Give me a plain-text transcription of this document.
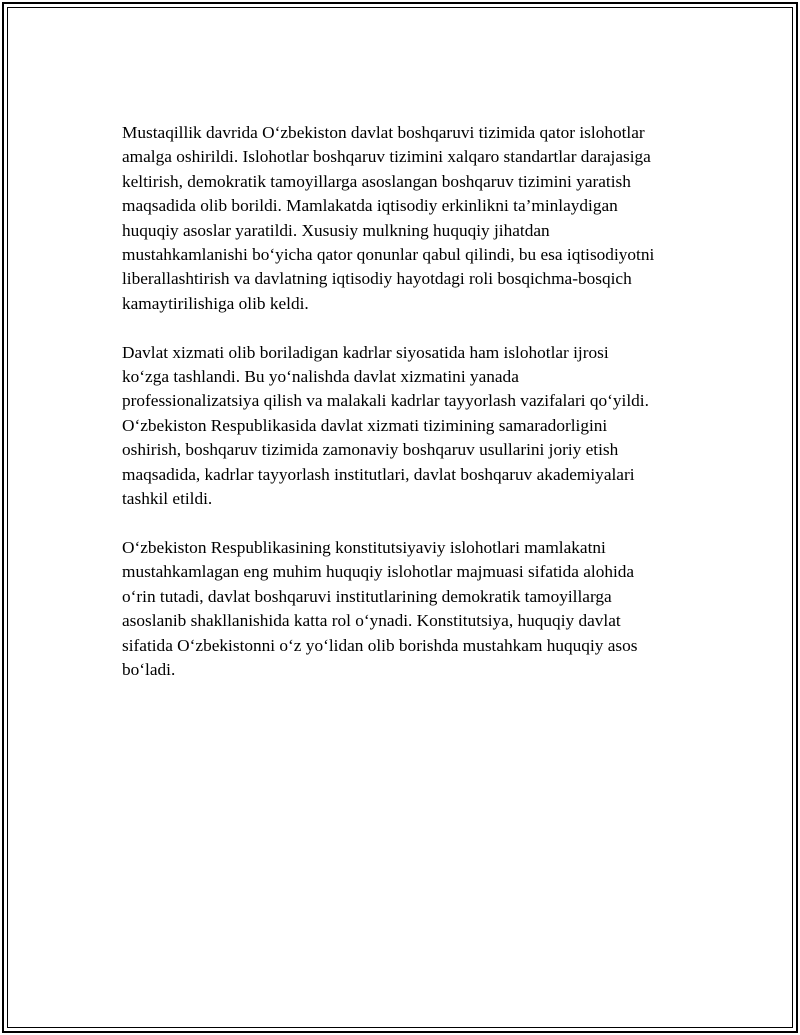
Mustaqillik davrida O‘zbekiston davlat boshqaruvi tizimida qator islohotlar
amalga oshirildi. Islohotlar boshqaruv tizimini xalqaro standartlar darajasiga
keltirish, demokratik tamoyillarga asoslangan boshqaruv tizimini yaratish
maqsadida olib borildi. Mamlakatda iqtisodiy erkinlikni ta’minlaydigan
huquqiy asoslar yaratildi. Xususiy mulkning huquqiy jihatdan
mustahkamlanishi bo‘yicha qator qonunlar qabul qilindi, bu esa iqtisodiyotni
liberallashtirish va davlatning iqtisodiy hayotdagi roli bosqichma-bosqich
kamaytirilishiga olib keldi.

Davlat xizmati olib boriladigan kadrlar siyosatida ham islohotlar ijrosi
ko‘zga tashlandi. Bu yo‘nalishda davlat xizmatini yanada
professionalizatsiya qilish va malakali kadrlar tayyorlash vazifalari qo‘yildi.
O‘zbekiston Respublikasida davlat xizmati tizimining samaradorligini
oshirish, boshqaruv tizimida zamonaviy boshqaruv usullarini joriy etish
maqsadida, kadrlar tayyorlash institutlari, davlat boshqaruv akademiyalari
tashkil etildi.

O‘zbekiston Respublikasining konstitutsiyaviy islohotlari mamlakatni
mustahkamlagan eng muhim huquqiy islohotlar majmuasi sifatida alohida
o‘rin tutadi, davlat boshqaruvi institutlarining demokratik tamoyillarga
asoslanib shakllanishida katta rol o‘ynadi. Konstitutsiya, huquqiy davlat
sifatida O‘zbekistonni o‘z yo‘lidan olib borishda mustahkam huquqiy asos
bo‘ladi.
